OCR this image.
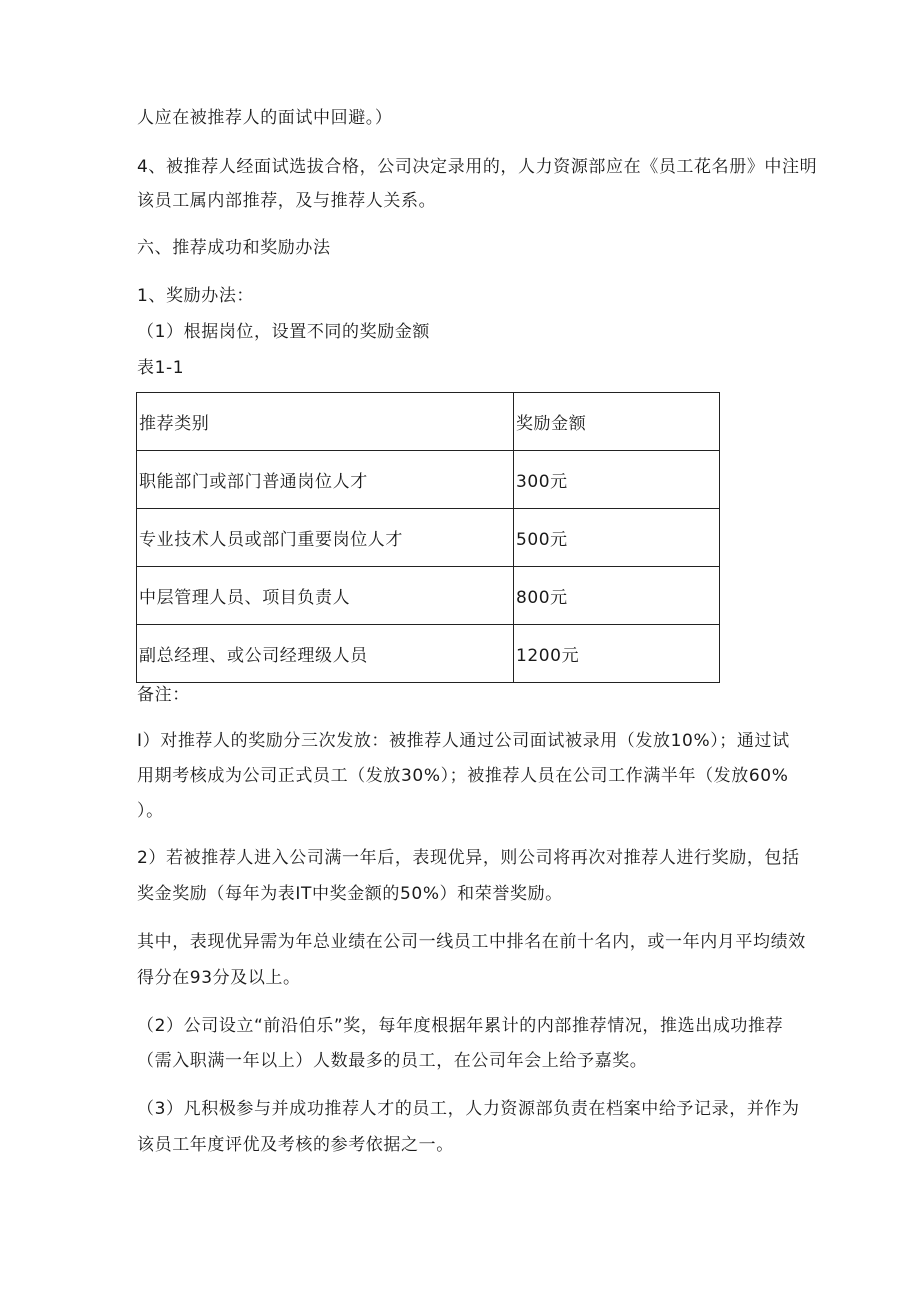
人应在被推荐人的面试中回避。）
4、被推荐人经面试选拔合格，公司决定录用的，人力资源部应在《员工花名册》中注明
该员工属内部推荐，及与推荐人关系。
六、推荐成功和奖励办法
1、奖励办法：
（1）根据岗位，设置不同的奖励金额
表1-1
推荐类别	奖励金额
职能部门或部门普通岗位人才	300元
专业技术人员或部门重要岗位人才	500元
中层管理人员、项目负责人	800元
副总经理、或公司经理级人员	1200元
备注：
I）对推荐人的奖励分三次发放：被推荐人通过公司面试被录用（发放10%）；通过试
用期考核成为公司正式员工（发放30%）；被推荐人员在公司工作满半年（发放60%
）。
2）若被推荐人进入公司满一年后，表现优异，则公司将再次对推荐人进行奖励，包括
奖金奖励（每年为表IT中奖金额的50%）和荣誉奖励。
其中，表现优异需为年总业绩在公司一线员工中排名在前十名内，或一年内月平均绩效
得分在93分及以上。
（2）公司设立“前沿伯乐”奖，每年度根据年累计的内部推荐情况，推选出成功推荐
（需入职满一年以上）人数最多的员工，在公司年会上给予嘉奖。
（3）凡积极参与并成功推荐人才的员工，人力资源部负责在档案中给予记录，并作为
该员工年度评优及考核的参考依据之一。
